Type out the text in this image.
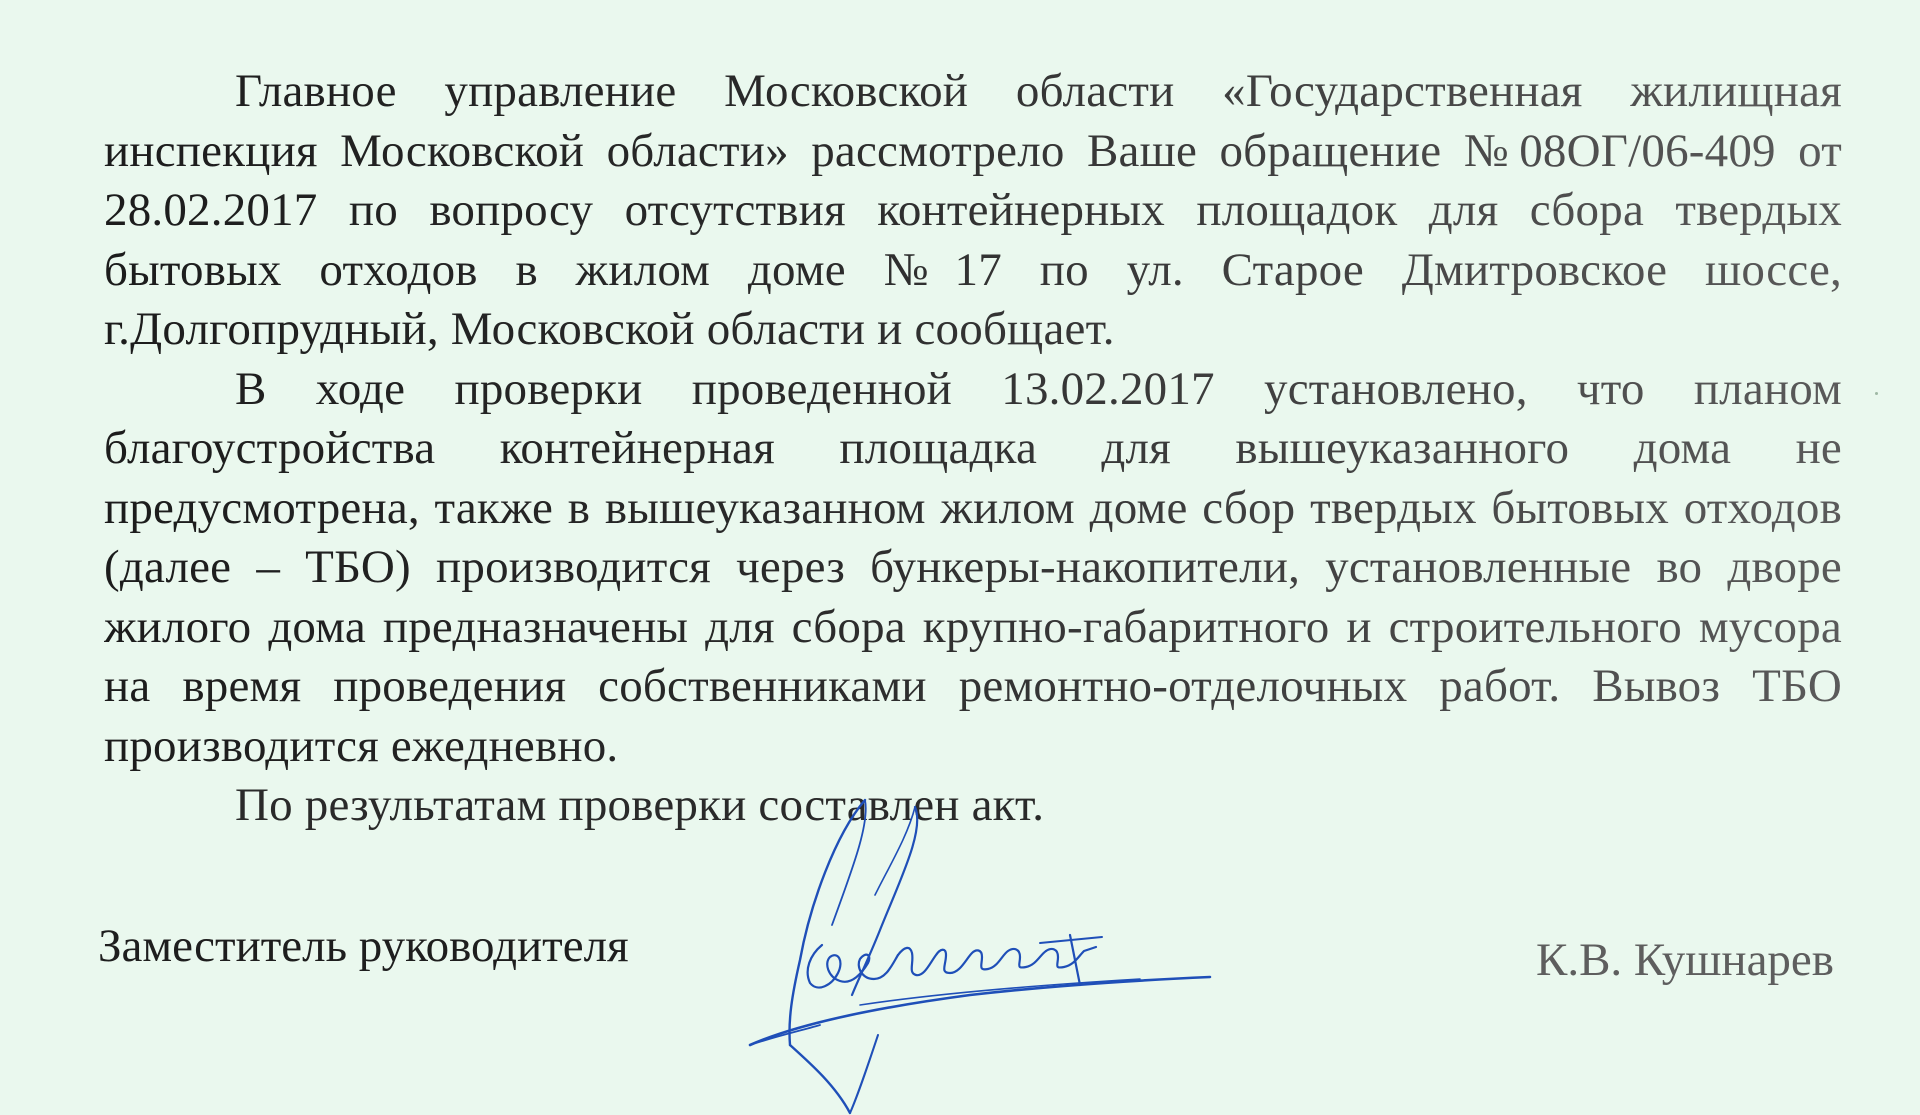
Главное управление Московской области «Государственная жилищная инспекция Московской области» рассмотрело Ваше обращение №08ОГ/06-409 от 28.02.2017 по вопросу отсутствия контейнерных площадок для сбора твердых бытовых отходов в жилом доме №17 по ул. Старое Дмитровское шоссе, г.Долгопрудный, Московской области и сообщает.

В ходе проверки проведенной 13.02.2017 установлено, что планом благоустройства контейнерная площадка для вышеуказанного дома не предусмотрена, также в вышеуказанном жилом доме сбор твердых бытовых отходов (далее – ТБО) производится через бункеры-накопители, установленные во дворе жилого дома предназначены для сбора крупно-габаритного и строительного мусора на время проведения собственниками ремонтно-отделочных работ. Вывоз ТБО производится ежедневно.

По результатам проверки составлен акт.

Заместитель руководителя	К.В. Кушнарев
